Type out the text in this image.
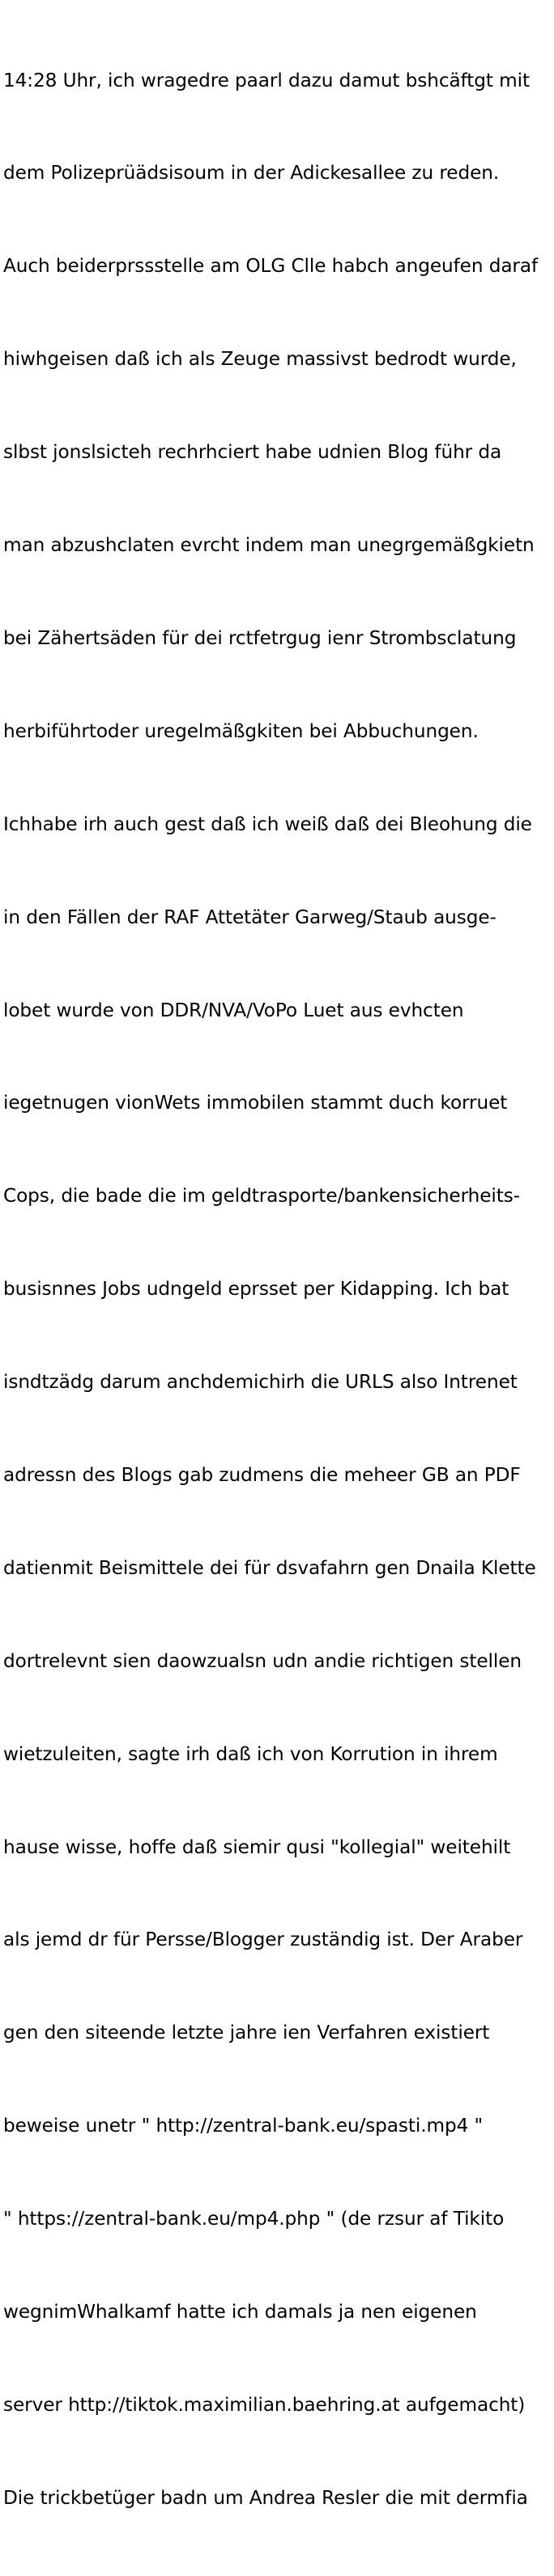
14:28 Uhr, ich wragedre paarl dazu damut bshcäftgt mit

dem Polizeprüädsisoum in der Adickesallee zu reden.

Auch beiderprssstelle am OLG Clle habch angeufen daraf

hiwhgeisen daß ich als Zeuge massivst bedrodt wurde,

slbst jonslsicteh rechrhciert habe udnien Blog führ da

man abzushclaten evrcht indem man unegrgemäßgkietn

bei Zähertsäden für dei rctfetrgug ienr Strombsclatung

herbiführtoder uregelmäßgkiten bei Abbuchungen.

Ichhabe irh auch gest daß ich weiß daß dei Bleohung die

in den Fällen der RAF Attetäter Garweg/Staub ausge-

lobet wurde von DDR/NVA/VoPo Luet aus evhcten

iegetnugen vionWets immobilen stammt duch korruet

Cops, die bade die im geldtrasporte/bankensicherheits-

busisnnes Jobs udngeld eprsset per Kidapping. Ich bat

isndtzädg darum anchdemichirh die URLS also Intrenet

adressn des Blogs gab zudmens die meheer GB an PDF

datienmit Beismittele dei für dsvafahrn gen Dnaila Klette

dortrelevnt sien daowzualsn udn andie richtigen stellen

wietzuleiten, sagte irh daß ich von Korrution in ihrem

hause wisse, hoffe daß siemir qusi "kollegial" weitehilt

als jemd dr für Persse/Blogger zuständig ist. Der Araber

gen den siteende letzte jahre ien Verfahren existiert

beweise unetr " http://zentral-bank.eu/spasti.mp4 "

" https://zentral-bank.eu/mp4.php " (de rzsur af Tikito

wegnimWhalkamf hatte ich damals ja nen eigenen

server http://tiktok.maximilian.baehring.at aufgemacht)

Die trickbetüger badn um Andrea Resler die mit dermfia
